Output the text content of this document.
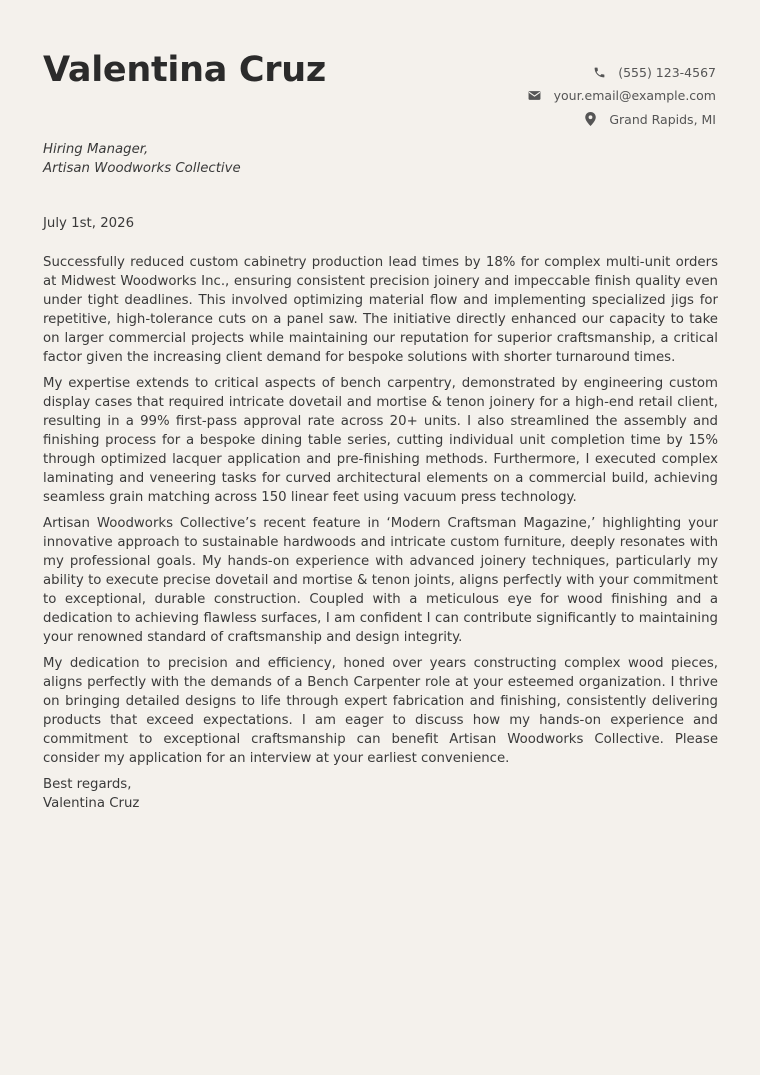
Valentina Cruz	(555) 123-4567
your.email@example.com
Grand Rapids, MI
Hiring Manager,
Artisan Woodworks Collective
July 1st, 2026

Successfully reduced custom cabinetry production lead times by 18% for complex multi-unit orders at Midwest Woodworks Inc., ensuring consistent precision joinery and impeccable finish quality even under tight deadlines. This involved optimizing material flow and implementing specialized jigs for repetitive, high-tolerance cuts on a panel saw. The initiative directly enhanced our capacity to take on larger commercial projects while maintaining our reputation for superior craftsmanship, a critical factor given the increasing client demand for bespoke solutions with shorter turnaround times.

My expertise extends to critical aspects of bench carpentry, demonstrated by engineering custom display cases that required intricate dovetail and mortise & tenon joinery for a high-end retail client, resulting in a 99% first-pass approval rate across 20+ units. I also streamlined the assembly and finishing process for a bespoke dining table series, cutting individual unit completion time by 15% through optimized lacquer application and pre-finishing methods. Furthermore, I executed complex laminating and veneering tasks for curved architectural elements on a commercial build, achieving seamless grain matching across 150 linear feet using vacuum press technology.

Artisan Woodworks Collective’s recent feature in ‘Modern Craftsman Magazine,’ highlighting your innovative approach to sustainable hardwoods and intricate custom furniture, deeply resonates with my professional goals. My hands-on experience with advanced joinery techniques, particularly my ability to execute precise dovetail and mortise & tenon joints, aligns perfectly with your commitment to exceptional, durable construction. Coupled with a meticulous eye for wood finishing and a dedication to achieving flawless surfaces, I am confident I can contribute significantly to maintaining your renowned standard of craftsmanship and design integrity.

My dedication to precision and efficiency, honed over years constructing complex wood pieces, aligns perfectly with the demands of a Bench Carpenter role at your esteemed organization. I thrive on bringing detailed designs to life through expert fabrication and finishing, consistently delivering products that exceed expectations. I am eager to discuss how my hands-on experience and commitment to exceptional craftsmanship can benefit Artisan Woodworks Collective. Please consider my application for an interview at your earliest convenience.

Best regards,
Valentina Cruz
